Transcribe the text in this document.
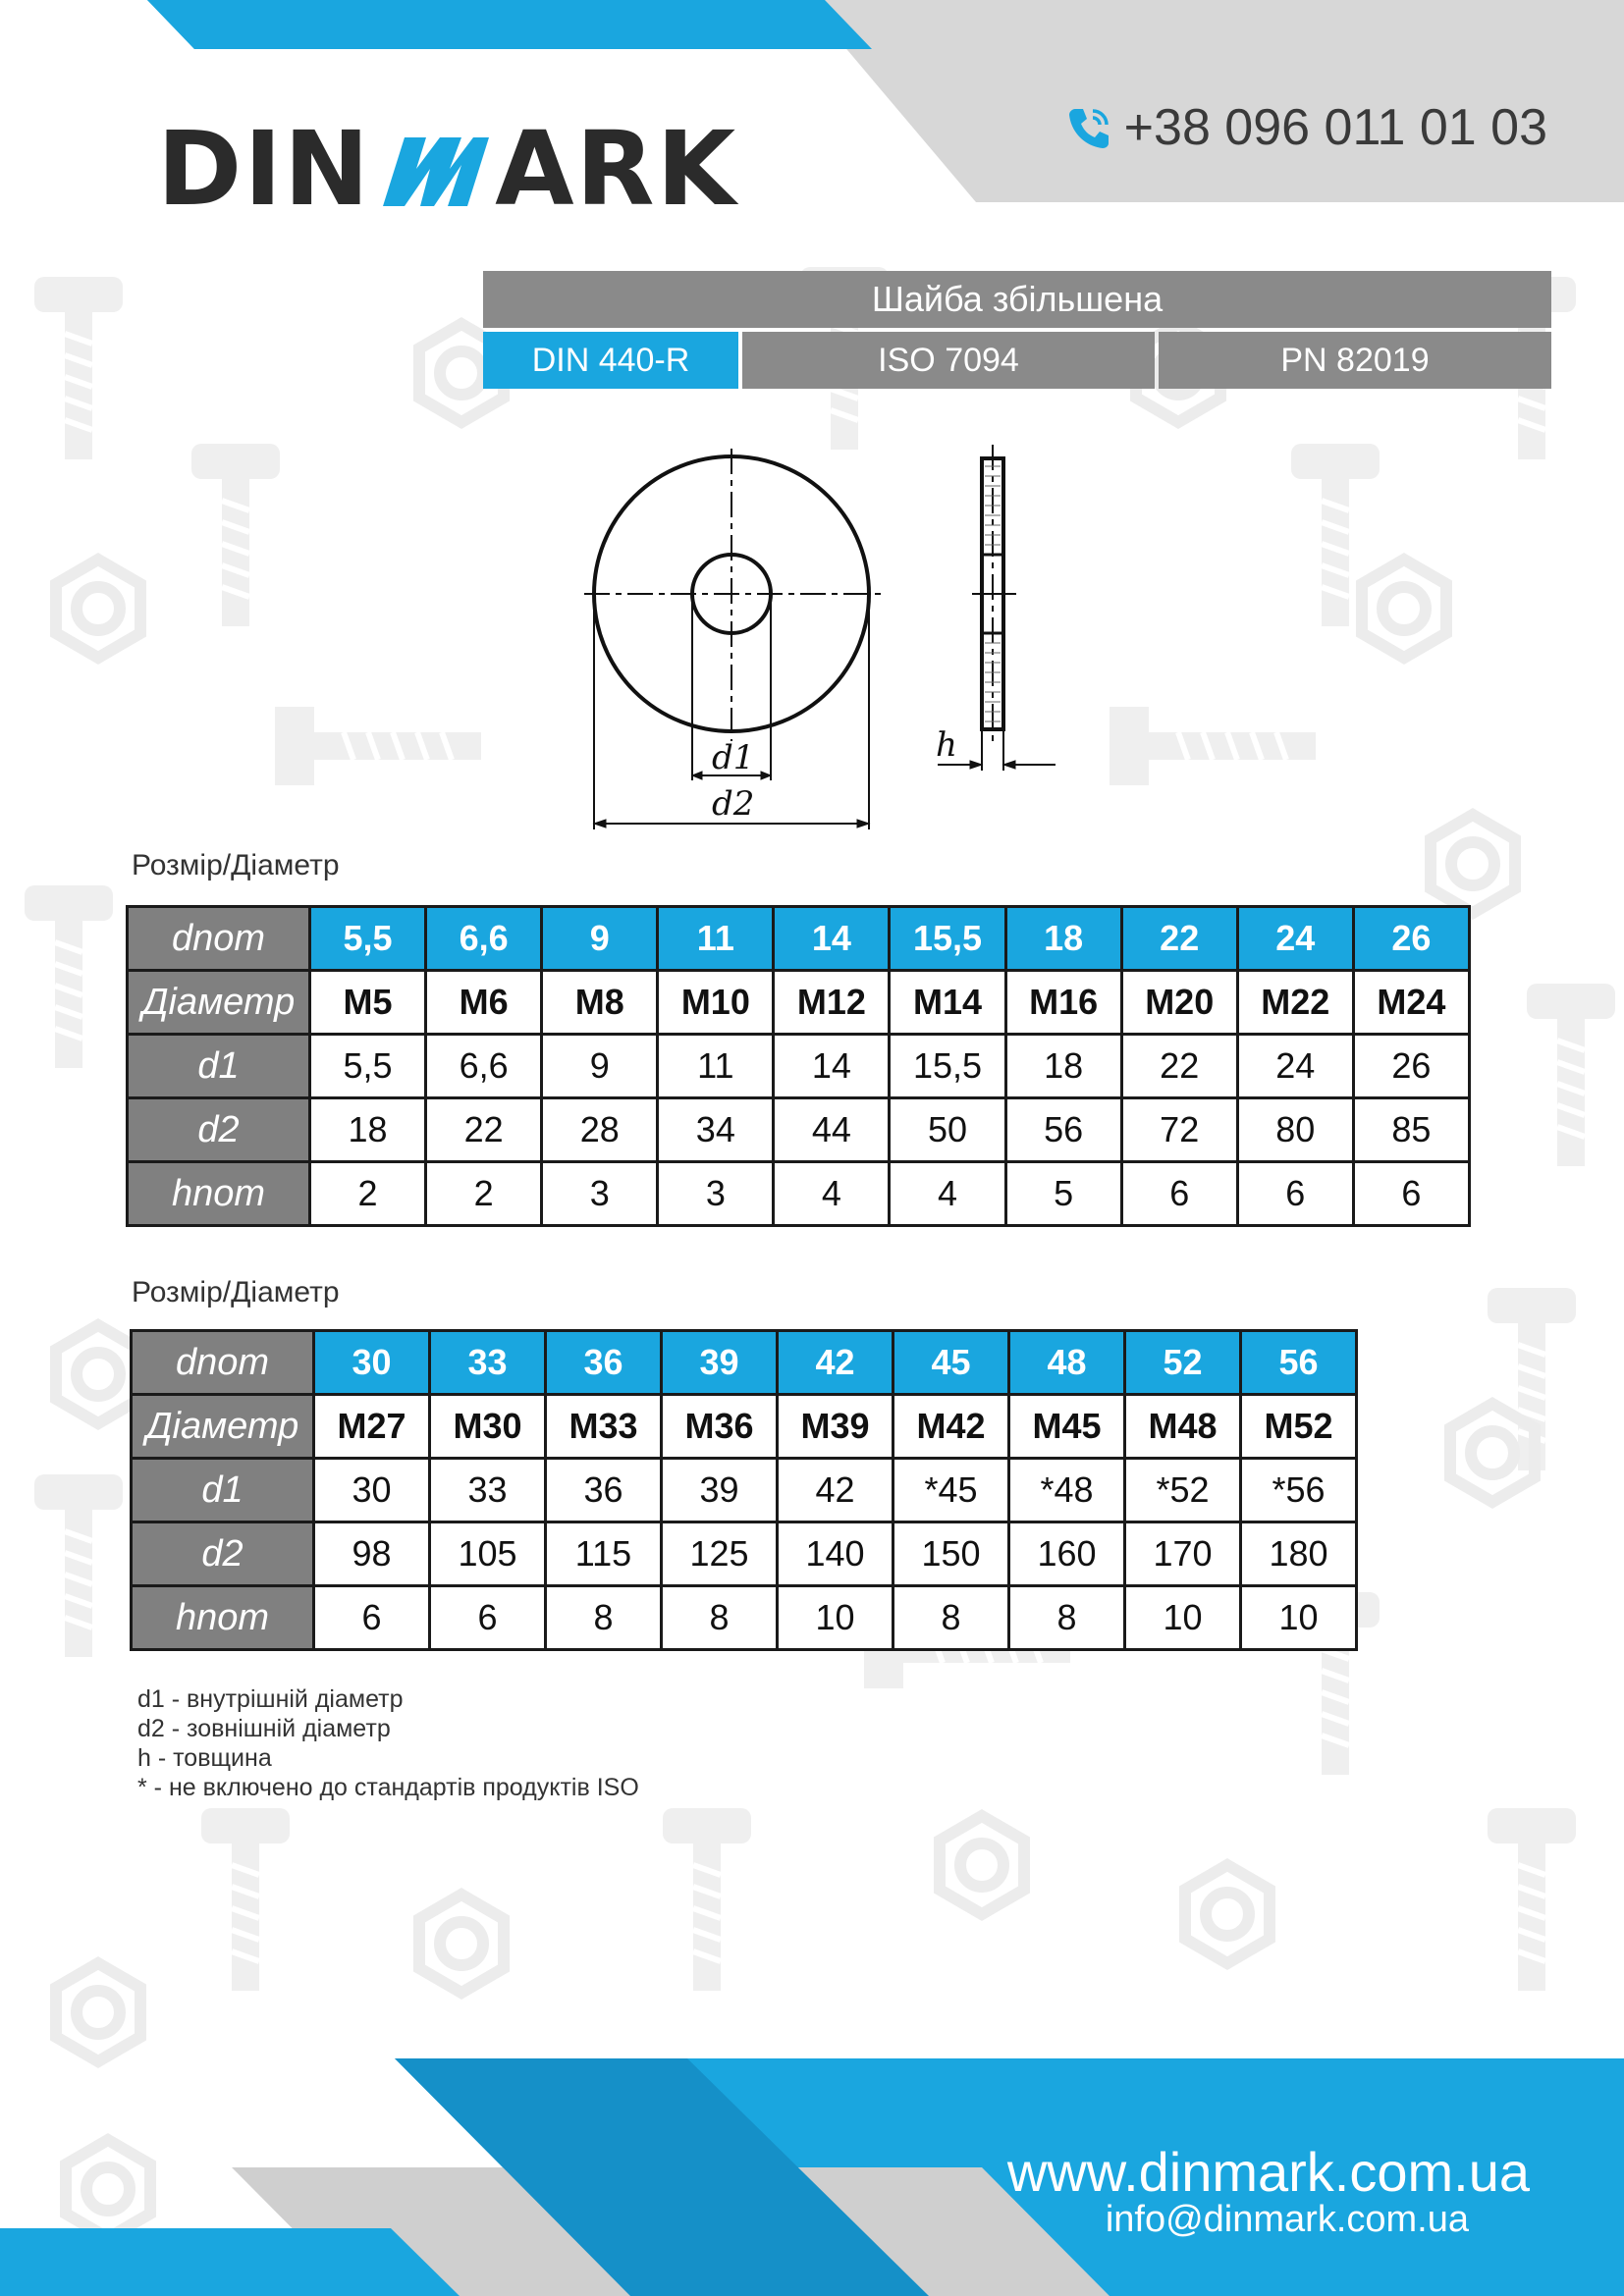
DIN ARK	+38 096 011 01 03
Шайба збільшена
DIN 440-R	ISO 7094	PN 82019
d1
d2
h
Розмір/Діаметр
dnom	5,5	6,6	9	11	14	15,5	18	22	24	26
Діаметр	M5	M6	M8	M10	M12	M14	M16	M20	M22	M24
d1	5,5	6,6	9	11	14	15,5	18	22	24	26
d2	18	22	28	34	44	50	56	72	80	85
hnom	2	2	3	3	4	4	5	6	6	6
Розмір/Діаметр
dnom	30	33	36	39	42	45	48	52	56
Діаметр	M27	M30	M33	M36	M39	M42	M45	M48	M52
d1	30	33	36	39	42	*45	*48	*52	*56
d2	98	105	115	125	140	150	160	170	180
hnom	6	6	8	8	10	8	8	10	10
d1 - внутрішній діаметр
d2 - зовнішній діаметр
h - товщина
* - не включено до стандартів продуктів ISO
www.dinmark.com.ua
info@dinmark.com.ua
